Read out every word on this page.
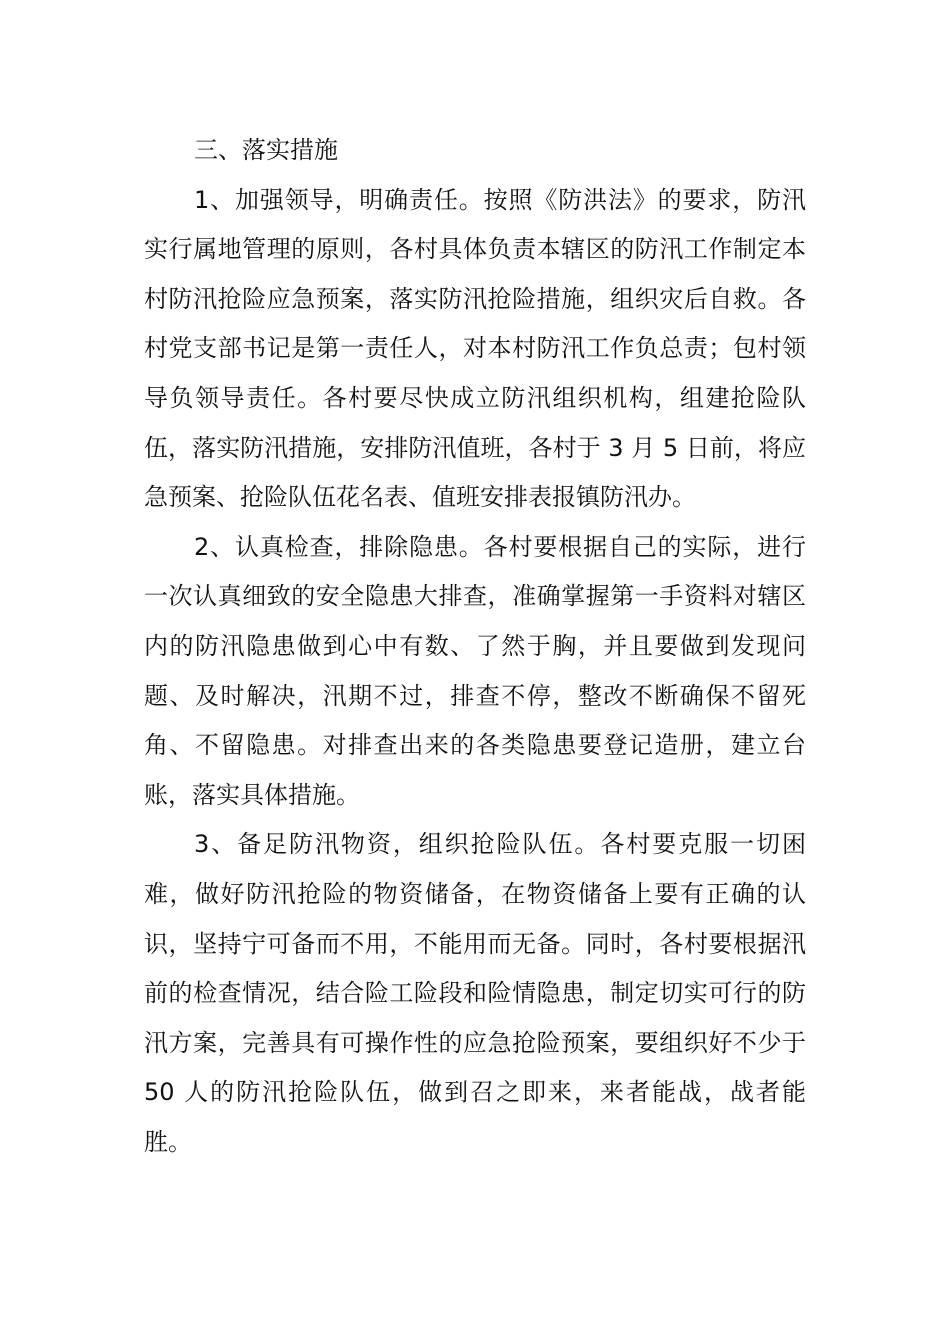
三、落实措施

1、加强领导，明确责任。按照《防洪法》的要求，防汛实行属地管理的原则，各村具体负责本辖区的防汛工作制定本村防汛抢险应急预案，落实防汛抢险措施，组织灾后自救。各村党支部书记是第一责任人，对本村防汛工作负总责；包村领导负领导责任。各村要尽快成立防汛组织机构，组建抢险队伍，落实防汛措施，安排防汛值班，各村于 3 月 5 日前，将应急预案、抢险队伍花名表、值班安排表报镇防汛办。

2、认真检查，排除隐患。各村要根据自己的实际，进行一次认真细致的安全隐患大排查，准确掌握第一手资料对辖区内的防汛隐患做到心中有数、了然于胸，并且要做到发现问题、及时解决，汛期不过，排查不停，整改不断确保不留死角、不留隐患。对排查出来的各类隐患要登记造册，建立台账，落实具体措施。

3、备足防汛物资，组织抢险队伍。各村要克服一切困难，做好防汛抢险的物资储备，在物资储备上要有正确的认识，坚持宁可备而不用，不能用而无备。同时，各村要根据汛前的检查情况，结合险工险段和险情隐患，制定切实可行的防汛方案，完善具有可操作性的应急抢险预案，要组织好不少于 50 人的防汛抢险队伍，做到召之即来，来者能战，战者能胜。
